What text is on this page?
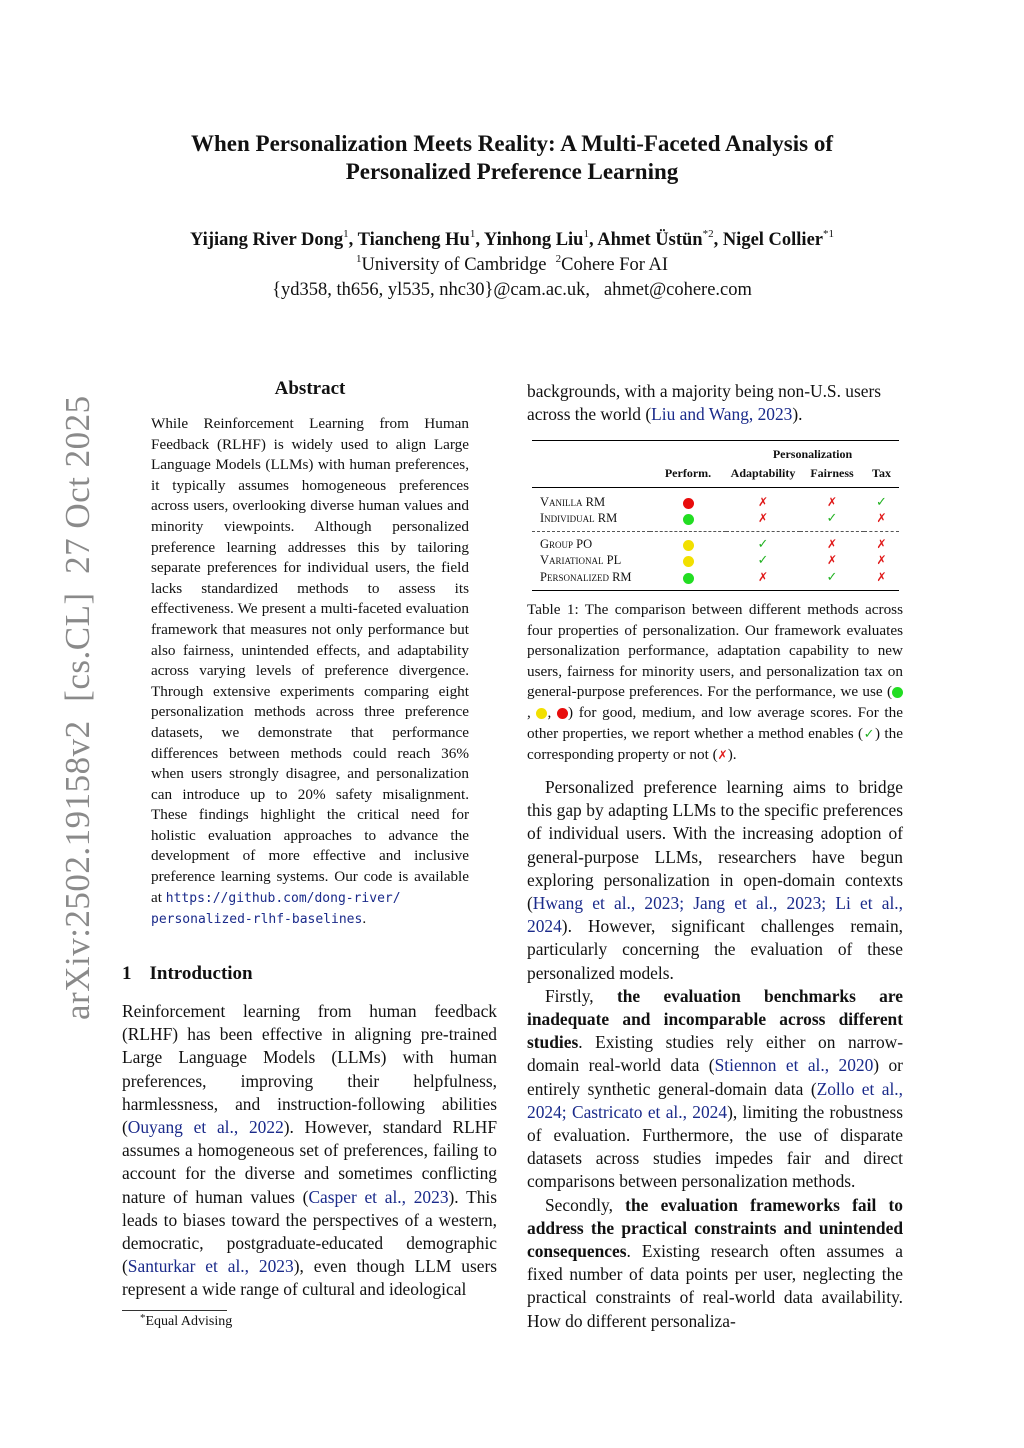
When Personalization Meets Reality: A Multi-Faceted Analysis of
Personalized Preference Learning
Yijiang River Dong$^1$, Tiancheng Hu$^1$, Yinhong Liu$^1$, Ahmet Üstün$^{*2}$, Nigel Collier$^{*1}$
$^1$University of Cambridge $^2$Cohere For AI
{yd358, th656, yl535, nhc30}@cam.ac.uk,   ahmet@cohere.com
arXiv:2502.19158v2  [cs.CL]  27 Oct 2025
Abstract
While Reinforcement Learning from Human Feedback (RLHF) is widely used to align Large Language Models (LLMs) with human preferences, it typically assumes homogeneous preferences across users, overlooking diverse human values and minority viewpoints. Although personalized preference learning addresses this by tailoring separate preferences for individual users, the field lacks standardized methods to assess its effectiveness. We present a multi-faceted evaluation framework that measures not only performance but also fairness, unintended effects, and adaptability across varying levels of preference divergence. Through extensive experiments comparing eight personalization methods across three preference datasets, we demonstrate that performance differences between methods could reach 36% when users strongly disagree, and personalization can introduce up to 20% safety misalignment. These findings highlight the critical need for holistic evaluation approaches to advance the development of more effective and inclusive preference learning systems. Our code is available at https://github.com/dong-river/
personalized-rlhf-baselines.
1 Introduction
Reinforcement learning from human feedback (RLHF) has been effective in aligning pre-trained Large Language Models (LLMs) with human preferences, improving their helpfulness, harmlessness, and instruction-following abilities (Ouyang et al., 2022). However, standard RLHF assumes a homogeneous set of preferences, failing to account for the diverse and sometimes conflicting nature of human values (Casper et al., 2023). This leads to biases toward the perspectives of a western, democratic, postgraduate-educated demographic (Santurkar et al., 2023), even though LLM users represent a wide range of cultural and ideological
*Equal Advising
backgrounds, with a majority being non-U.S. users across the world (Liu and Wang, 2023).
		Personalization		
	Perform.	Adaptability	Fairness	Tax

Vanilla RM		✗	✗	✓
Individual RM		✗	✓	✗

Group PO		✓	✗	✗
Variational PL		✓	✗	✗
Personalized RM		✗	✓	✗

Table 1: The comparison between different methods across four properties of personalization. Our framework evaluates personalization performance, adaptation capability to new users, fairness for minority users, and personalization tax on general-purpose preferences. For the performance, we use (, , ) for good, medium, and low average scores. For the other properties, we report whether a method enables (✓) the corresponding property or not (✗).

Personalized preference learning aims to bridge this gap by adapting LLMs to the specific preferences of individual users. With the increasing adoption of general-purpose LLMs, researchers have begun exploring personalization in open-domain contexts (Hwang et al., 2023; Jang et al., 2023; Li et al., 2024). However, significant challenges remain, particularly concerning the evaluation of these personalized models.

Firstly, the evaluation benchmarks are inadequate and incomparable across different studies. Existing studies rely either on narrow-domain real-world data (Stiennon et al., 2020) or entirely synthetic general-domain data (Zollo et al., 2024; Castricato et al., 2024), limiting the robustness of evaluation. Furthermore, the use of disparate datasets across studies impedes fair and direct comparisons between personalization methods.

Secondly, the evaluation frameworks fail to address the practical constraints and unintended consequences. Existing research often assumes a fixed number of data points per user, neglecting the practical constraints of real-world data availability. How do different personaliza-
